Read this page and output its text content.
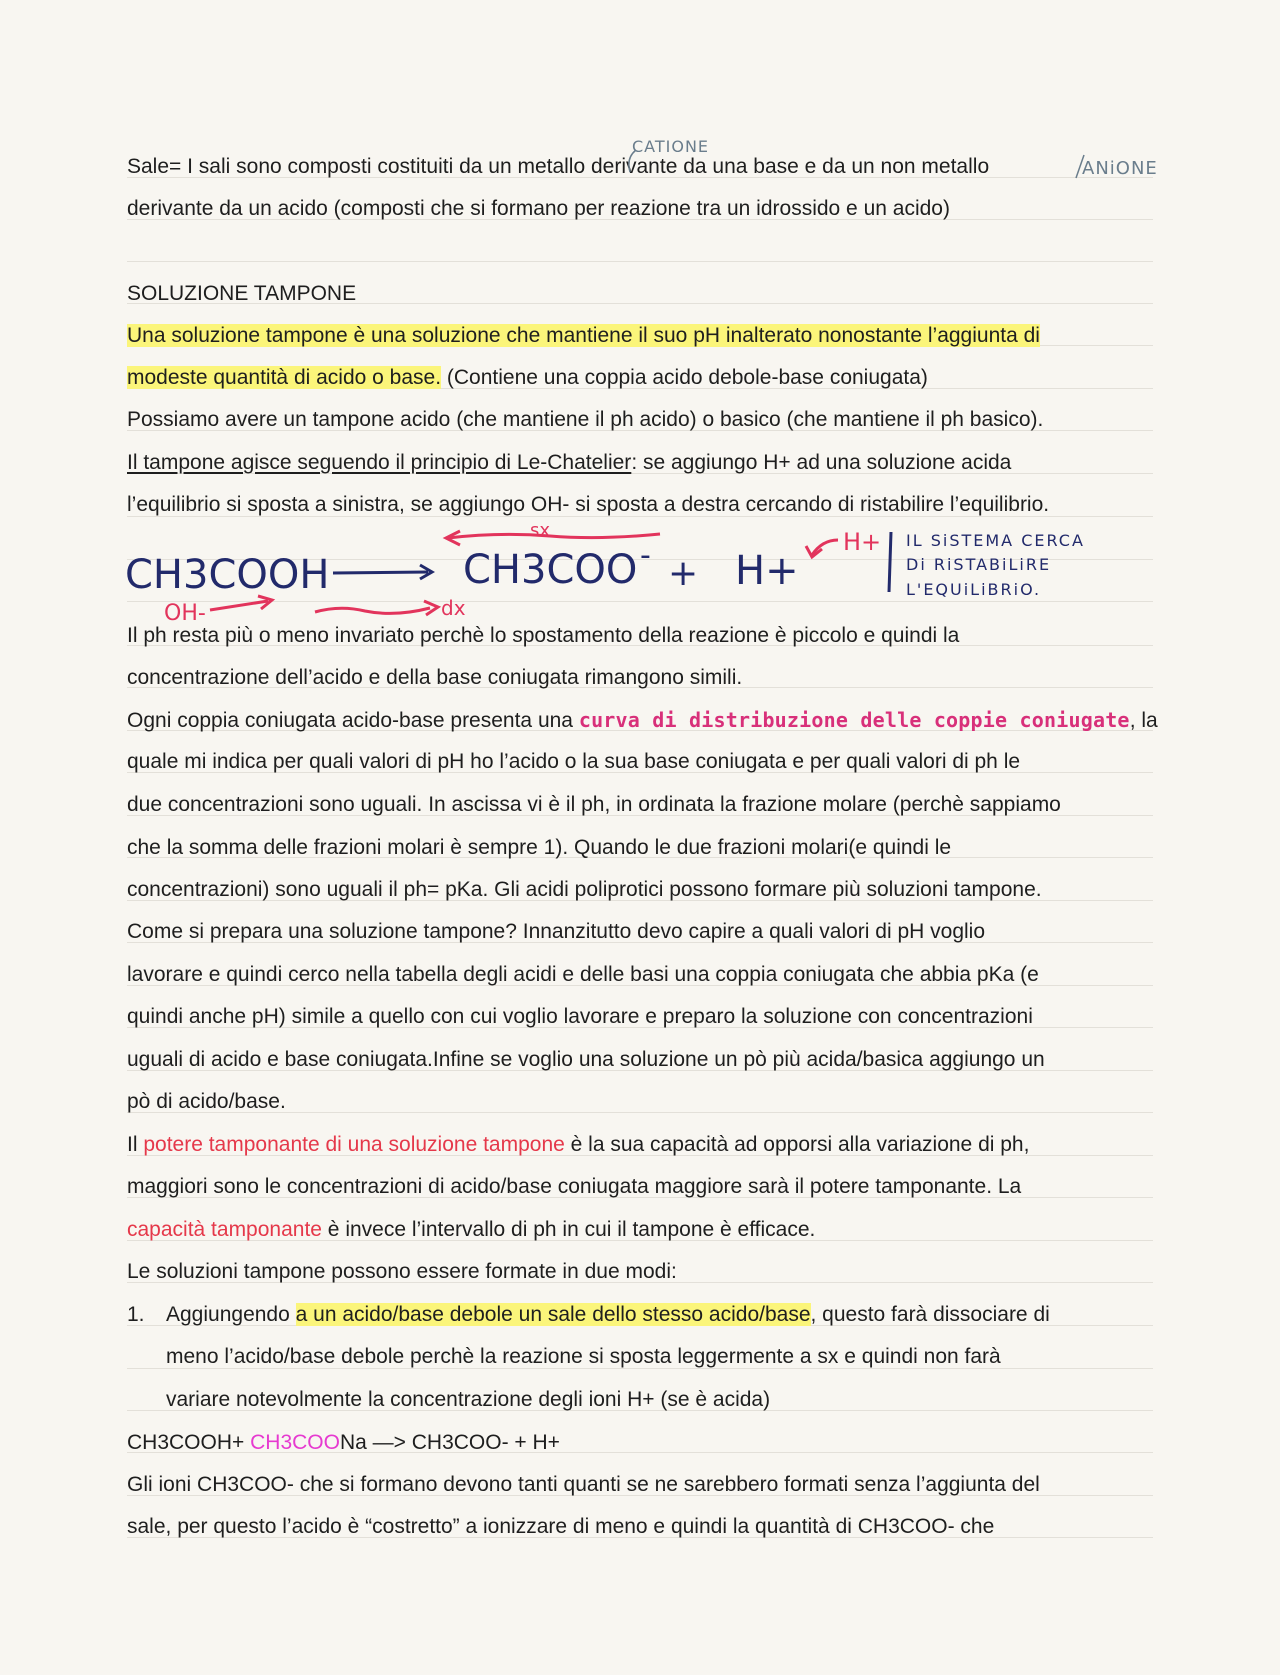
Sale= I sali sono composti costituiti da un metallo derivante da una base e da un non metallo
CATIONE
ANiONE
derivante da un acido (composti che si formano per reazione tra un idrossido e un acido)
SOLUZIONE TAMPONE
Una soluzione tampone è una soluzione che mantiene il suo pH inalterato nonostante l’aggiunta di
modeste quantità di acido o base. (Contiene una coppia acido debole-base coniugata)
Possiamo avere un tampone acido (che mantiene il ph acido) o basico (che mantiene il ph basico).
Il tampone agisce seguendo il principio di Le-Chatelier: se aggiungo H+ ad una soluzione acida
l’equilibrio si sposta a sinistra, se aggiungo OH- si sposta a destra cercando di ristabilire l’equilibrio.
CH3COOH	CH3COO - + H+
sx
dx
OH-
H+ IL SiSTEMA CERCA
Di RiSTABiLiRE
L'EQUiLiBRiO.
Il ph resta più o meno invariato perchè lo spostamento della reazione è piccolo e quindi la
concentrazione dell’acido e della base coniugata rimangono simili.
Ogni coppia coniugata acido-base presenta una curva di distribuzione delle coppie coniugate, la
quale mi indica per quali valori di pH ho l’acido o la sua base coniugata e per quali valori di ph le
due concentrazioni sono uguali. In ascissa vi è il ph, in ordinata la frazione molare (perchè sappiamo
che la somma delle frazioni molari è sempre 1). Quando le due frazioni molari(e quindi le
concentrazioni) sono uguali il ph= pKa. Gli acidi poliprotici possono formare più soluzioni tampone.
Come si prepara una soluzione tampone? Innanzitutto devo capire a quali valori di pH voglio
lavorare e quindi cerco nella tabella degli acidi e delle basi una coppia coniugata che abbia pKa (e
quindi anche pH) simile a quello con cui voglio lavorare e preparo la soluzione con concentrazioni
uguali di acido e base coniugata.Infine se voglio una soluzione un pò più acida/basica aggiungo un
pò di acido/base.
Il potere tamponante di una soluzione tampone è la sua capacità ad opporsi alla variazione di ph,
maggiori sono le concentrazioni di acido/base coniugata maggiore sarà il potere tamponante. La
capacità tamponante è invece l’intervallo di ph in cui il tampone è efficace.
Le soluzioni tampone possono essere formate in due modi:
1. Aggiungendo a un acido/base debole un sale dello stesso acido/base, questo farà dissociare di
meno l’acido/base debole perchè la reazione si sposta leggermente a sx e quindi non farà
variare notevolmente la concentrazione degli ioni H+ (se è acida)
CH3COOH+ CH3COONa —> CH3COO- + H+
Gli ioni CH3COO- che si formano devono tanti quanti se ne sarebbero formati senza l’aggiunta del
sale, per questo l’acido è “costretto” a ionizzare di meno e quindi la quantità di CH3COO- che
